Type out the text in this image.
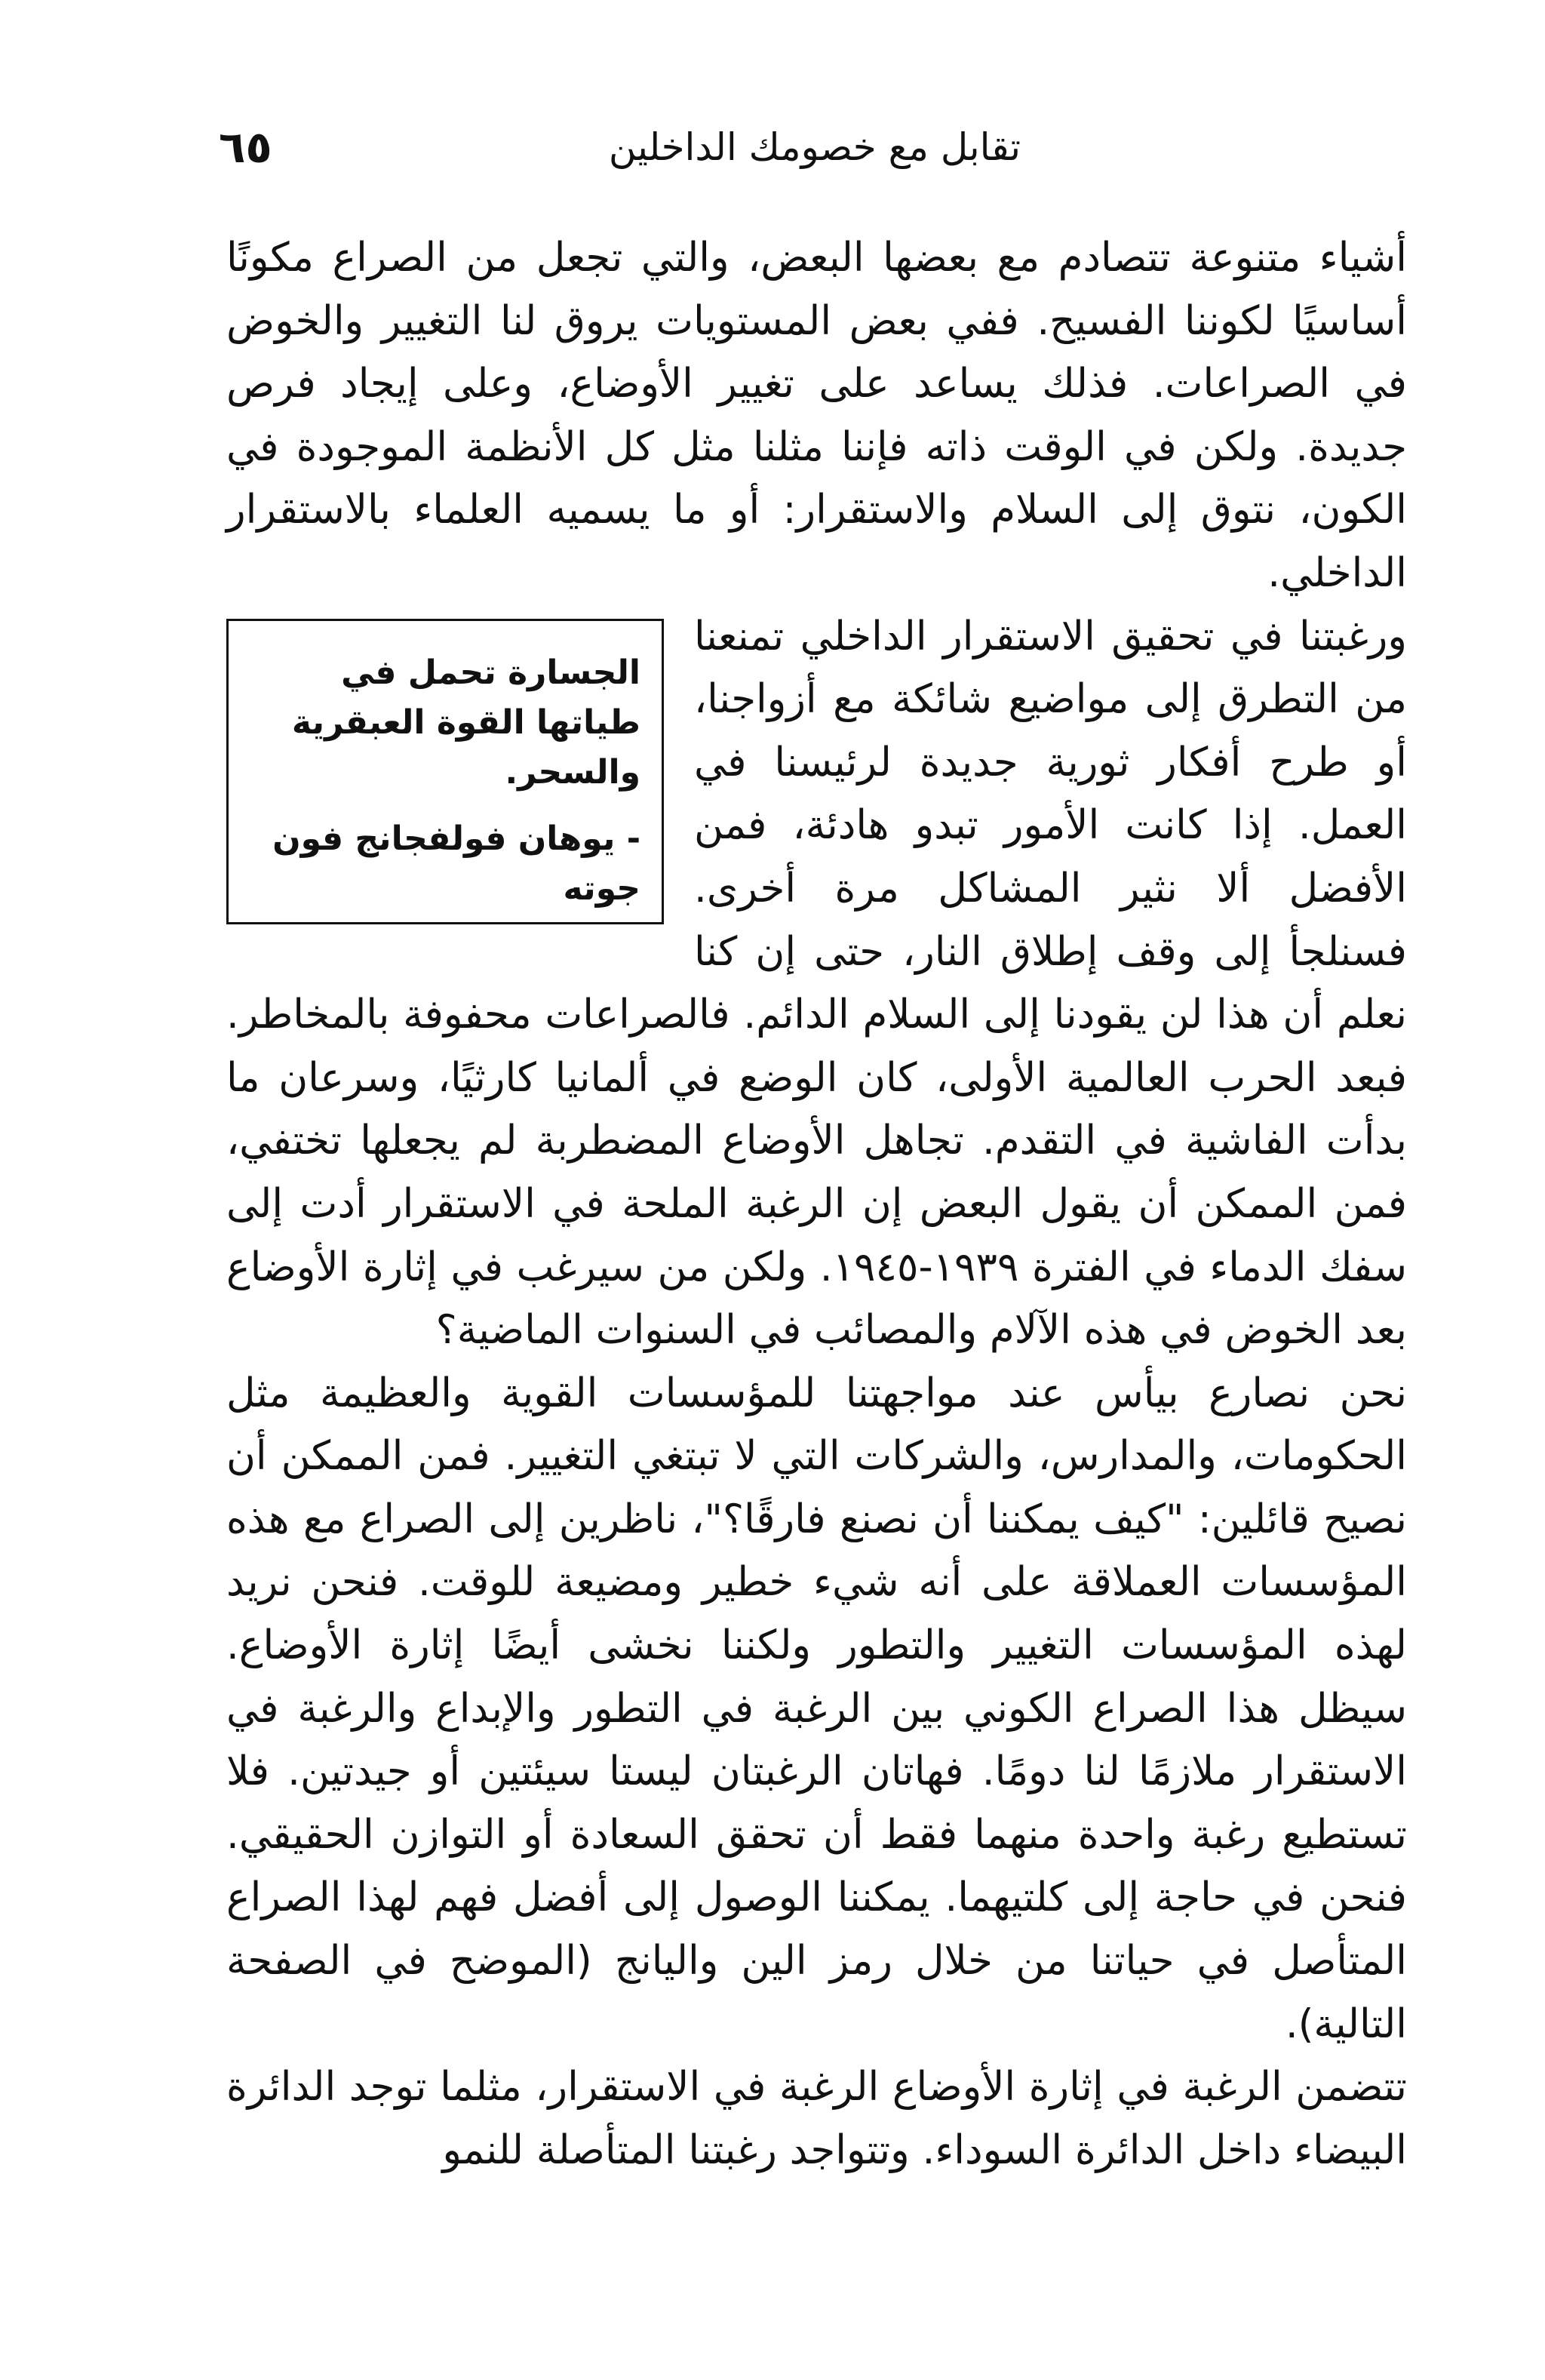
٦٥	تقابل مع خصومك الداخلين

أشياء متنوعة تتصادم مع بعضها البعض، والتي تجعل من الصراع مكونًا أساسيًا لكوننا الفسيح. ففي بعض المستويات يروق لنا التغيير والخوض في الصراعات. فذلك يساعد على تغيير الأوضاع، وعلى إيجاد فرص جديدة. ولكن في الوقت ذاته فإننا مثلنا مثل كل الأنظمة الموجودة في الكون، نتوق إلى السلام والاستقرار: أو ما يسميه العلماء بالاستقرار الداخلي.

الجسارة تحمل في طياتها القوة العبقرية والسحر.
- يوهان فولفجانج فون جوته

ورغبتنا في تحقيق الاستقرار الداخلي تمنعنا من التطرق إلى مواضيع شائكة مع أزواجنا، أو طرح أفكار ثورية جديدة لرئيسنا في العمل. إذا كانت الأمور تبدو هادئة، فمن الأفضل ألا نثير المشاكل مرة أخرى. فسنلجأ إلى وقف إطلاق النار، حتى إن كنا نعلم أن هذا لن يقودنا إلى السلام الدائم. فالصراعات محفوفة بالمخاطر. فبعد الحرب العالمية الأولى، كان الوضع في ألمانيا كارثيًا، وسرعان ما بدأت الفاشية في التقدم. تجاهل الأوضاع المضطربة لم يجعلها تختفي، فمن الممكن أن يقول البعض إن الرغبة الملحة في الاستقرار أدت إلى سفك الدماء في الفترة ١٩٣٩-١٩٤٥. ولكن من سيرغب في إثارة الأوضاع بعد الخوض في هذه الآلام والمصائب في السنوات الماضية؟

نحن نصارع بيأس عند مواجهتنا للمؤسسات القوية والعظيمة مثل الحكومات، والمدارس، والشركات التي لا تبتغي التغيير. فمن الممكن أن نصيح قائلين: "كيف يمكننا أن نصنع فارقًا؟"، ناظرين إلى الصراع مع هذه المؤسسات العملاقة على أنه شيء خطير ومضيعة للوقت. فنحن نريد لهذه المؤسسات التغيير والتطور ولكننا نخشى أيضًا إثارة الأوضاع. سيظل هذا الصراع الكوني بين الرغبة في التطور والإبداع والرغبة في الاستقرار ملازمًا لنا دومًا. فهاتان الرغبتان ليستا سيئتين أو جيدتين. فلا تستطيع رغبة واحدة منهما فقط أن تحقق السعادة أو التوازن الحقيقي. فنحن في حاجة إلى كلتيهما. يمكننا الوصول إلى أفضل فهم لهذا الصراع المتأصل في حياتنا من خلال رمز الين واليانج (الموضح في الصفحة التالية).

تتضمن الرغبة في إثارة الأوضاع الرغبة في الاستقرار، مثلما توجد الدائرة البيضاء داخل الدائرة السوداء. وتتواجد رغبتنا المتأصلة للنمو
